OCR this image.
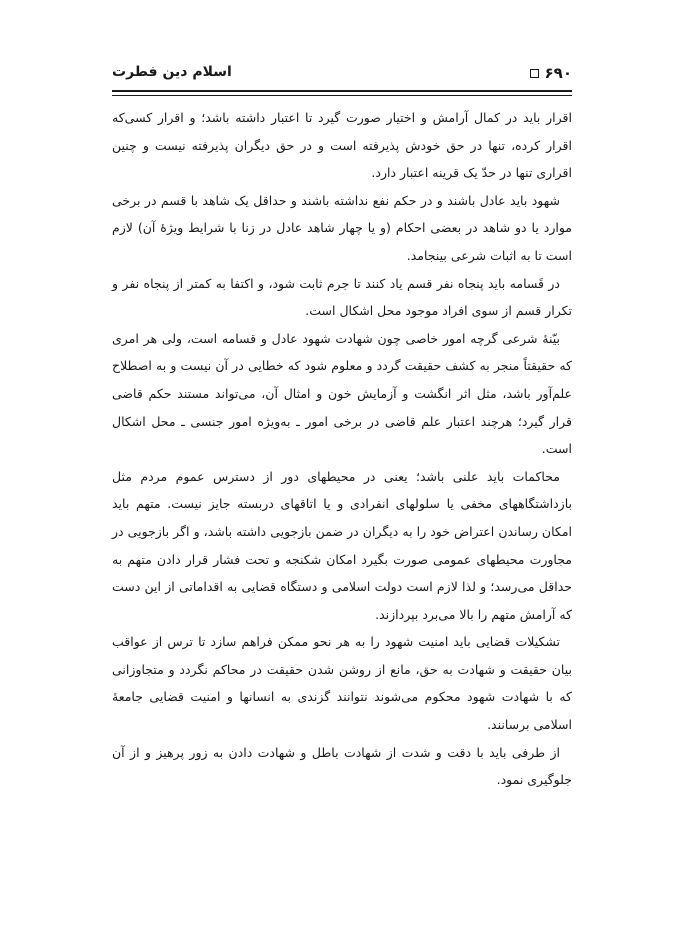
۶۹۰
اسلام دین فطرت

اقرار باید در کمال آرامش و اختیار صورت گیرد تا اعتبار داشته باشد؛ و اقرار کسی‌که اقرار کرده، تنها در حق خودش پذیرفته است و در حق دیگران پذیرفته نیست و چنین اقراری تنها در حدّ یک قرینه اعتبار دارد.

شهود باید عادل باشند و در حکم نفع نداشته باشند و حداقل یک شاهد با قسم در برخی موارد یا دو شاهد در بعضی احکام (و یا چهار شاهد عادل در زنا با شرایط ویژهٔ آن) لازم است تا به اثبات شرعی بینجامد.

در قَسامه باید پنجاه نفر قسم یاد کنند تا جرم ثابت شود، و اکتفا به کمتر از پنجاه نفر و تکرار قسم از سوی افراد موجود محل اشکال است.

بیّنهٔ شرعی گرچه امور خاصی چون شهادت شهود عادل و قسامه است، ولی هر امری که حقیقتاً منجر به کشف حقیقت گردد و معلوم شود که خطایی در آن نیست و به اصطلاح علم‌آور باشد، مثل اثر انگشت و آزمایش خون و امثال آن، می‌تواند مستند حکم قاضی قرار گیرد؛ هرچند اعتبار علم قاضی در برخی امور ـ به‌ویژه امور جنسی ـ محل اشکال است.

محاکمات باید علنی باشد؛ یعنی در محیطهای دور از دسترس عموم مردم مثل بازداشتگاههای مخفی یا سلولهای انفرادی و یا اتاقهای دربسته جایز نیست. متهم باید امکان رساندن اعتراض خود را به دیگران در ضمن بازجویی داشته باشد، و اگر بازجویی در مجاورت محیطهای عمومی صورت بگیرد امکان شکنجه و تحت فشار قرار دادن متهم به حداقل می‌رسد؛ و لذا لازم است دولت اسلامی و دستگاه قضایی به اقداماتی از این دست که آرامش متهم را بالا می‌برد بپردازند.

تشکیلات قضایی باید امنیت شهود را به هر نحو ممکن فراهم سازد تا ترس از عواقب بیان حقیقت و شهادت به حق، مانع از روشن شدن حقیقت در محاکم نگردد و متجاوزانی که با شهادت شهود محکوم می‌شوند نتوانند گزندی به انسانها و امنیت قضایی جامعهٔ اسلامی برسانند.

از طرفی باید با دقت و شدت از شهادت باطل و شهادت دادن به زور پرهیز و از آن جلوگیری نمود.
